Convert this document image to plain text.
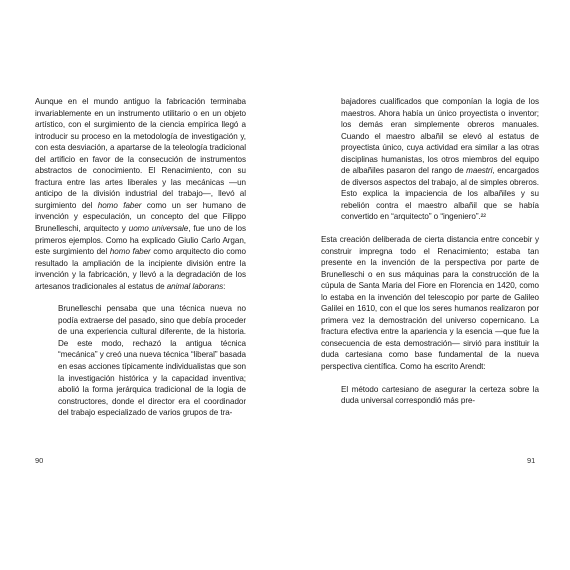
Aunque en el mundo antiguo la fabricación terminaba invariablemente en un instrumento utilitario o en un objeto artístico, con el surgimiento de la ciencia empírica llegó a introducir su proceso en la metodología de investigación y, con esta desviación, a apartarse de la teleología tradicional del artificio en favor de la consecución de instrumentos abstractos de conocimiento. El Renacimiento, con su fractura entre las artes liberales y las mecánicas —un anticipo de la división industrial del trabajo—, llevó al surgimiento del homo faber como un ser humano de invención y especulación, un concepto del que Filippo Brunelleschi, arquitecto y uomo universale, fue uno de los primeros ejemplos. Como ha explicado Giulio Carlo Argan, este surgimiento del homo faber como arquitecto dio como resultado la ampliación de la incipiente división entre la invención y la fabricación, y llevó a la degradación de los artesanos tradicionales al estatus de animal laborans:

Brunelleschi pensaba que una técnica nueva no podía extraerse del pasado, sino que debía proceder de una experiencia cultural diferente, de la historia. De este modo, rechazó la antigua técnica “mecánica” y creó una nueva técnica “liberal” basada en esas acciones típicamente individualistas que son la investigación histórica y la capacidad inventiva; abolió la forma jerárquica tradicional de la logia de constructores, donde el director era el coordinador del trabajo especializado de varios grupos de tra-

90

bajadores cualificados que componían la logia de los maestros. Ahora había un único proyectista o inventor; los demás eran simplemente obreros manuales. Cuando el maestro albañil se elevó al estatus de proyectista único, cuya actividad era similar a las otras disciplinas humanistas, los otros miembros del equipo de albañiles pasaron del rango de maestri, encargados de diversos aspectos del trabajo, al de simples obreros. Esto explica la impaciencia de los albañiles y su rebelión contra el maestro albañil que se había convertido en “arquitecto” o “ingeniero”.²²

Esta creación deliberada de cierta distancia entre concebir y construir impregna todo el Renacimiento; estaba tan presente en la invención de la perspectiva por parte de Brunelleschi o en sus máquinas para la construcción de la cúpula de Santa Maria del Fiore en Florencia en 1420, como lo estaba en la invención del telescopio por parte de Galileo Galilei en 1610, con el que los seres humanos realizaron por primera vez la demostración del universo copernicano. La fractura efectiva entre la apariencia y la esencia —que fue la consecuencia de esta demostración— sirvió para instituir la duda cartesiana como base fundamental de la nueva perspectiva científica. Como ha escrito Arendt:

El método cartesiano de asegurar la certeza sobre la duda universal correspondió más pre-

91
